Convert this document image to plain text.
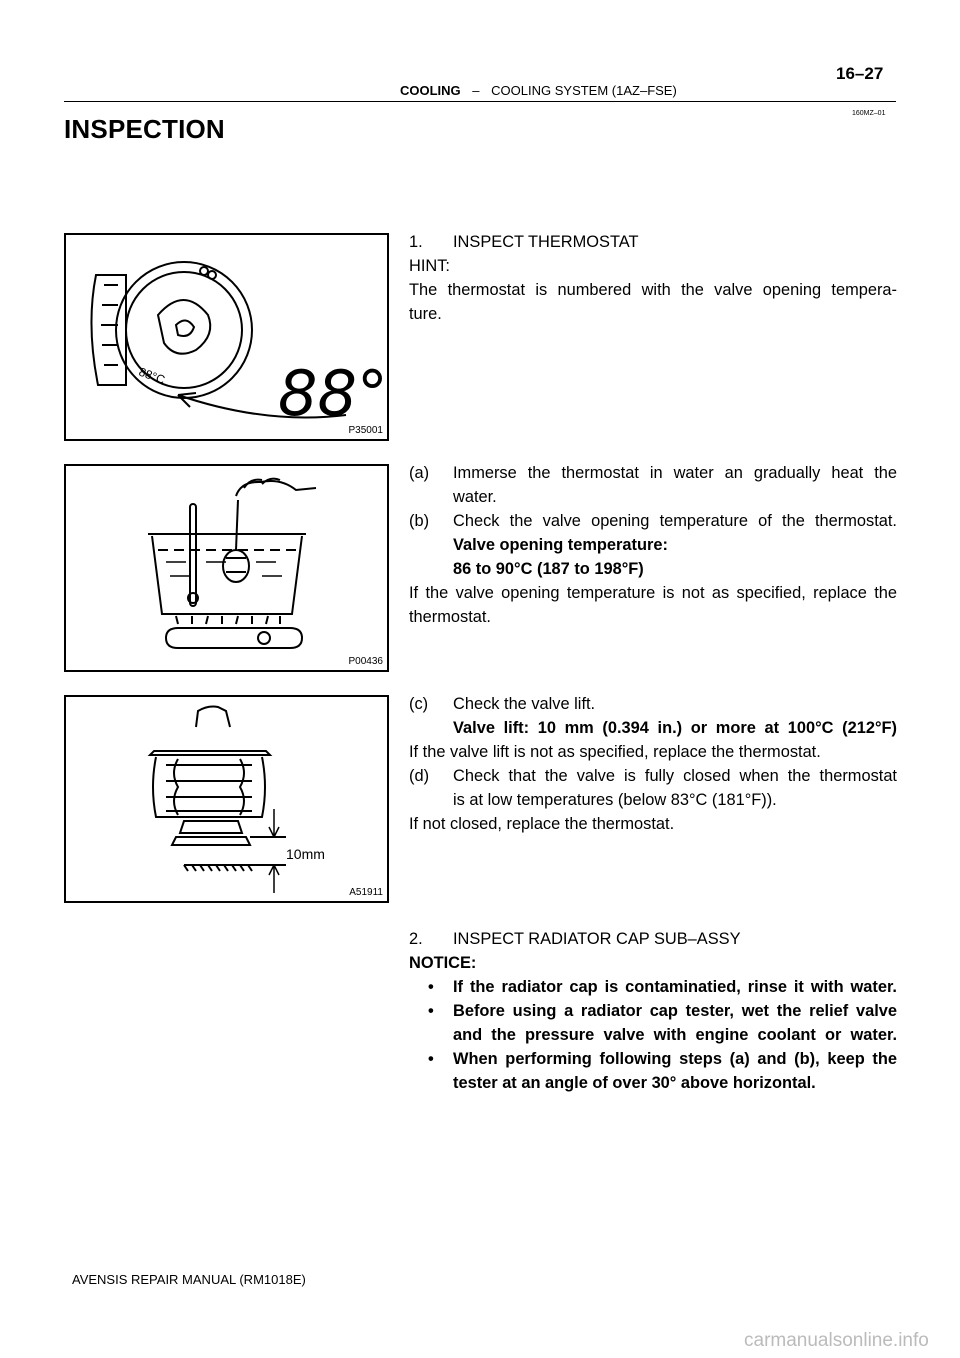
COOLING – COOLING SYSTEM (1AZ–FSE)
16–27
160MZ–01
INSPECTION
88°C 88°
P35001
P00436
10mm
A51911
1. INSPECT THERMOSTAT
HINT:
The thermostat is numbered with the valve opening tempera-
ture.
(a) Immerse the thermostat in water an gradually heat the
water.
(b) Check the valve opening temperature of the thermostat.
Valve opening temperature:
86 to 90°C (187 to 198°F)
If the valve opening temperature is not as specified, replace the
thermostat.
(c) Check the valve lift.
Valve lift: 10 mm (0.394 in.) or more at 100°C (212°F)
If the valve lift is not as specified, replace the thermostat.
(d) Check that the valve is fully closed when the thermostat
is at low temperatures (below 83°C (181°F)).
If not closed, replace the thermostat.
2. INSPECT RADIATOR CAP SUB–ASSY
NOTICE:
• If the radiator cap is contaminatied, rinse it with water.
• Before using a radiator cap tester, wet the relief valve
and the pressure valve with engine coolant or water.
• When performing following steps (a) and (b), keep the
tester at an angle of over 30° above horizontal.
AVENSIS REPAIR MANUAL (RM1018E)
carmanualsonline.info
